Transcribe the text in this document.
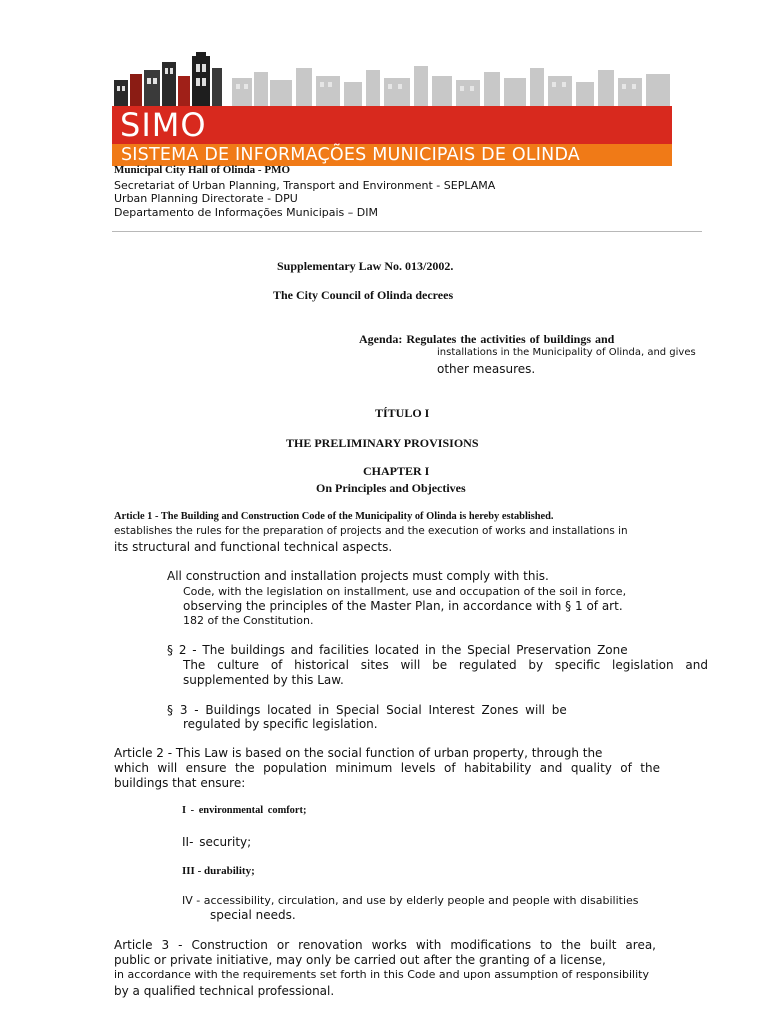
SIMO
SISTEMA DE INFORMAÇÕES MUNICIPAIS DE OLINDA
Municipal City Hall of Olinda - PMO
Secretariat of Urban Planning, Transport and Environment - SEPLAMA
Urban Planning Directorate - DPU
Departamento de Informações Municipais – DIM
Supplementary Law No. 013/2002.
The City Council of Olinda decrees
Agenda: Regulates the activities of buildings and
installations in the Municipality of Olinda, and gives
other measures.
TÍTULO I
THE PRELIMINARY PROVISIONS
CHAPTER I
On Principles and Objectives
Article 1 - The Building and Construction Code of the Municipality of Olinda is hereby established.
establishes the rules for the preparation of projects and the execution of works and installations in
its structural and functional technical aspects.
All construction and installation projects must comply with this.
Code, with the legislation on installment, use and occupation of the soil in force,
observing the principles of the Master Plan, in accordance with § 1 of art.
182 of the Constitution.
§ 2 - The buildings and facilities located in the Special Preservation Zone
The culture of historical sites will be regulated by specific legislation and
supplemented by this Law.
§ 3 - Buildings located in Special Social Interest Zones will be
regulated by specific legislation.
Article 2 - This Law is based on the social function of urban property, through the
which will ensure the population minimum levels of habitability and quality of the
buildings that ensure:
I - environmental comfort;
II- security;
III - durability;
IV - accessibility, circulation, and use by elderly people and people with disabilities
special needs.
Article 3 - Construction or renovation works with modifications to the built area,
public or private initiative, may only be carried out after the granting of a license,
in accordance with the requirements set forth in this Code and upon assumption of responsibility
by a qualified technical professional.
